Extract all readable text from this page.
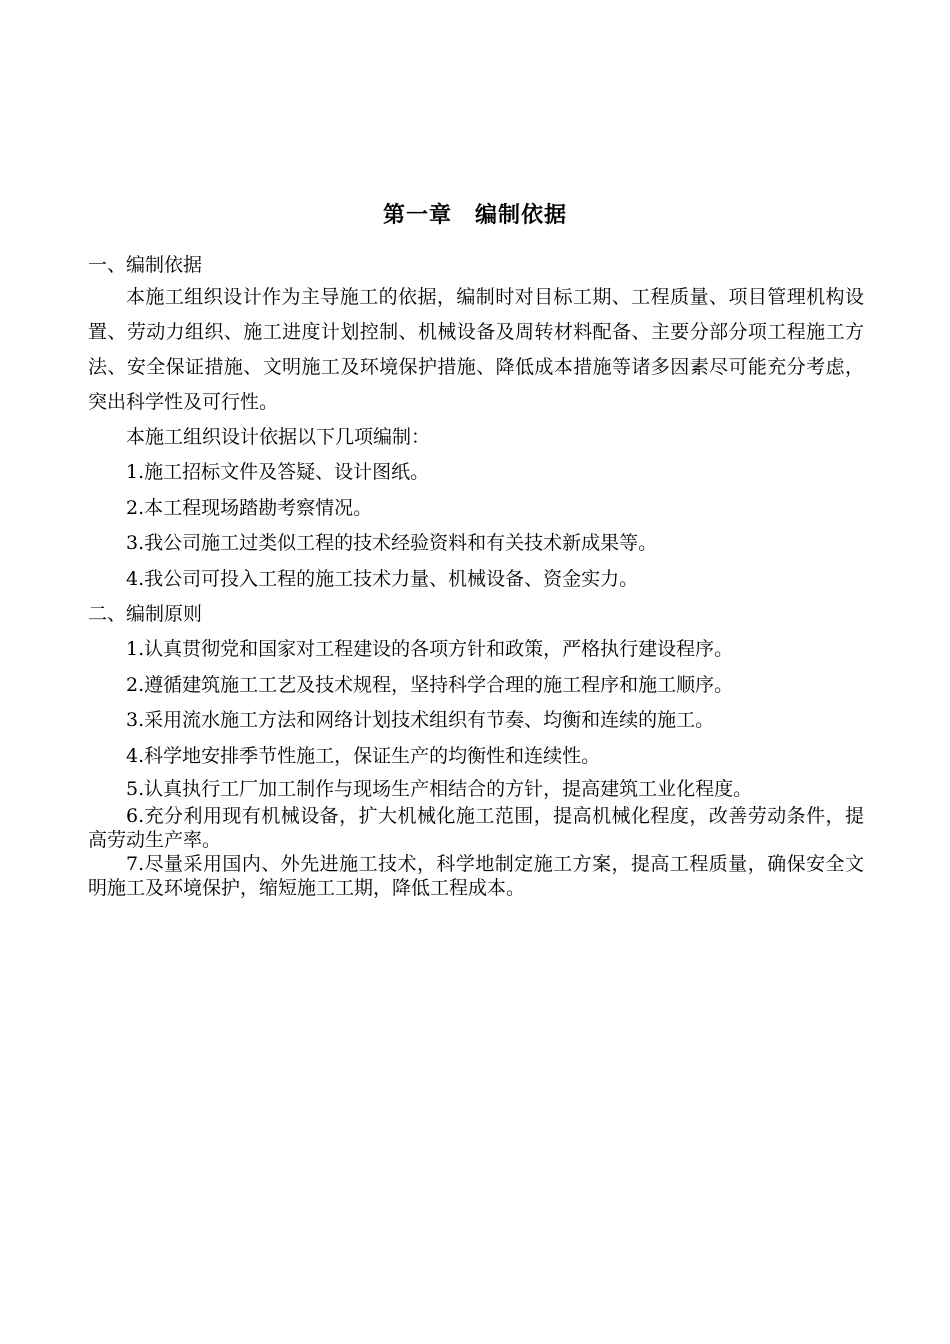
第一章　编制依据
一、编制依据

本施工组织设计作为主导施工的依据，编制时对目标工期、工程质量、项目管理机构设置、劳动力组织、施工进度计划控制、机械设备及周转材料配备、主要分部分项工程施工方法、安全保证措施、文明施工及环境保护措施、降低成本措施等诸多因素尽可能充分考虑，突出科学性及可行性。

本施工组织设计依据以下几项编制：

1.施工招标文件及答疑、设计图纸。
2.本工程现场踏勘考察情况。
3.我公司施工过类似工程的技术经验资料和有关技术新成果等。
4.我公司可投入工程的施工技术力量、机械设备、资金实力。
二、编制原则
1.认真贯彻党和国家对工程建设的各项方针和政策，严格执行建设程序。
2.遵循建筑施工工艺及技术规程，坚持科学合理的施工程序和施工顺序。
3.采用流水施工方法和网络计划技术组织有节奏、均衡和连续的施工。
4.科学地安排季节性施工，保证生产的均衡性和连续性。
5.认真执行工厂加工制作与现场生产相结合的方针，提高建筑工业化程度。

6.充分利用现有机械设备，扩大机械化施工范围，提高机械化程度，改善劳动条件，提高劳动生产率。

7.尽量采用国内、外先进施工技术，科学地制定施工方案，提高工程质量，确保安全文明施工及环境保护，缩短施工工期，降低工程成本。
